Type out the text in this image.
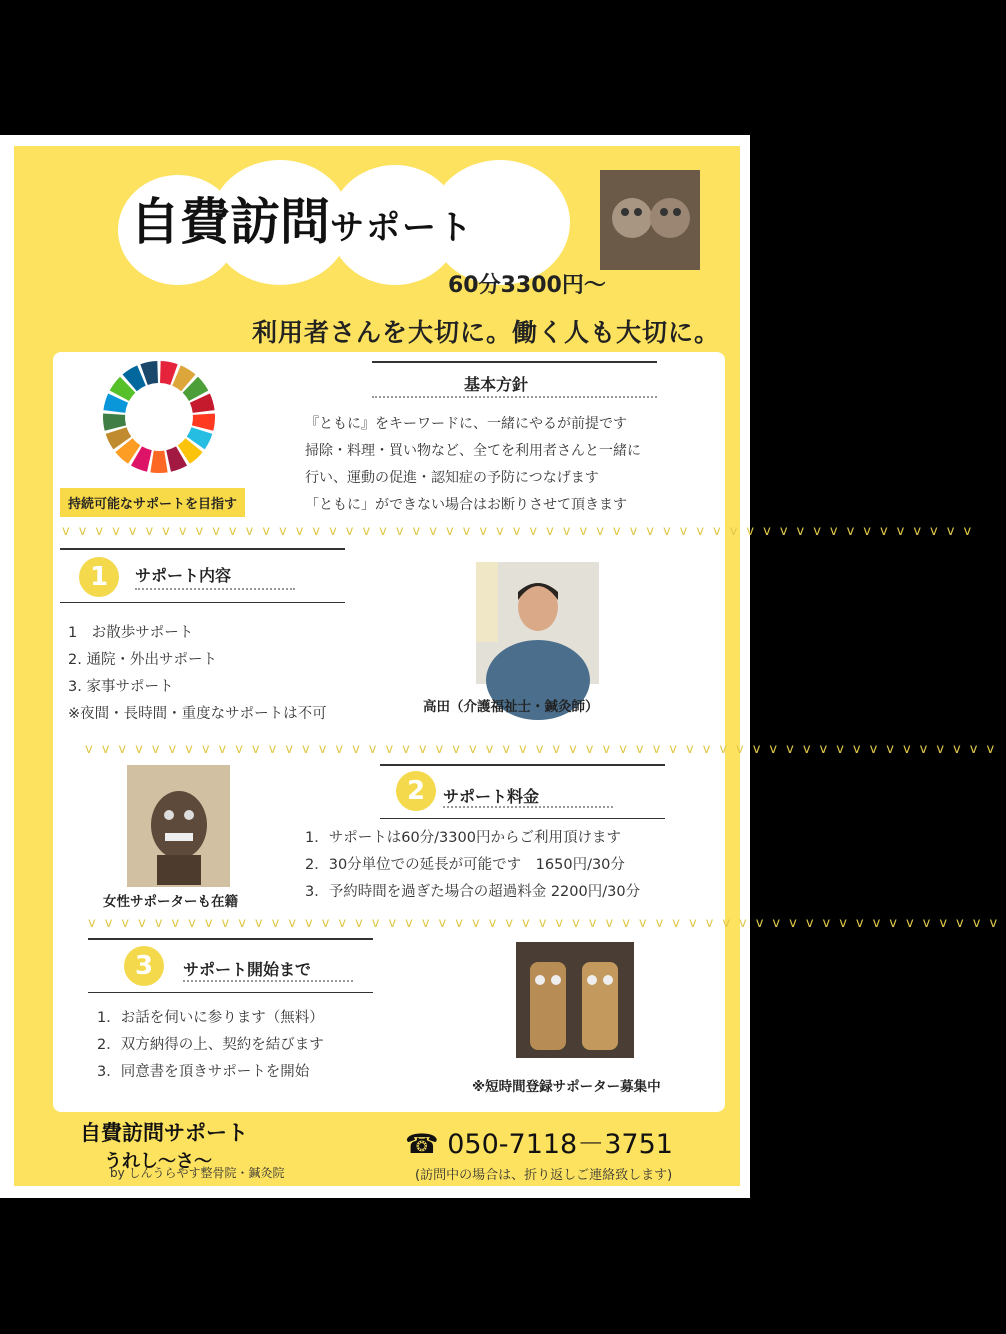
自費訪問サポート
60分3300円～
利用者さんを大切に。働く人も大切に。
持続可能なサポートを目指す
基本方針
『ともに』をキーワードに、一緒にやるが前提です
掃除・料理・買い物など、全てを利用者さんと一緒に
行い、運動の促進・認知症の予防につなげます
「ともに」ができない場合はお断りさせて頂きます
vvvvvvvvvvvvvvvvvvvvvvvvvvvvvvvvvvvvvvvvvvvvvvvvvvvvvvv
1	サポート内容
1　お散歩サポート
2. 通院・外出サポート
3. 家事サポート
※夜間・長時間・重度なサポートは不可	高田（介護福祉士・鍼灸師）
vvvvvvvvvvvvvvvvvvvvvvvvvvvvvvvvvvvvvvvvvvvvvvvvvvvvvvv
女性サポーターも在籍
2	サポート料金
1．サポートは60分/3300円からご利用頂けます
2．30分単位での延長が可能です　1650円/30分
3．予約時間を過ぎた場合の超過料金 2200円/30分
vvvvvvvvvvvvvvvvvvvvvvvvvvvvvvvvvvvvvvvvvvvvvvvvvvvvvvv
3	サポート開始まで
1．お話を伺いに参ります（無料）
2．双方納得の上、契約を結びます
3．同意書を頂きサポートを開始
※短時間登録サポーター募集中
自費訪問サポート
うれし〜さ〜
by しんうらやす整骨院・鍼灸院
☎ 050-7118－3751
(訪問中の場合は、折り返しご連絡致します)
